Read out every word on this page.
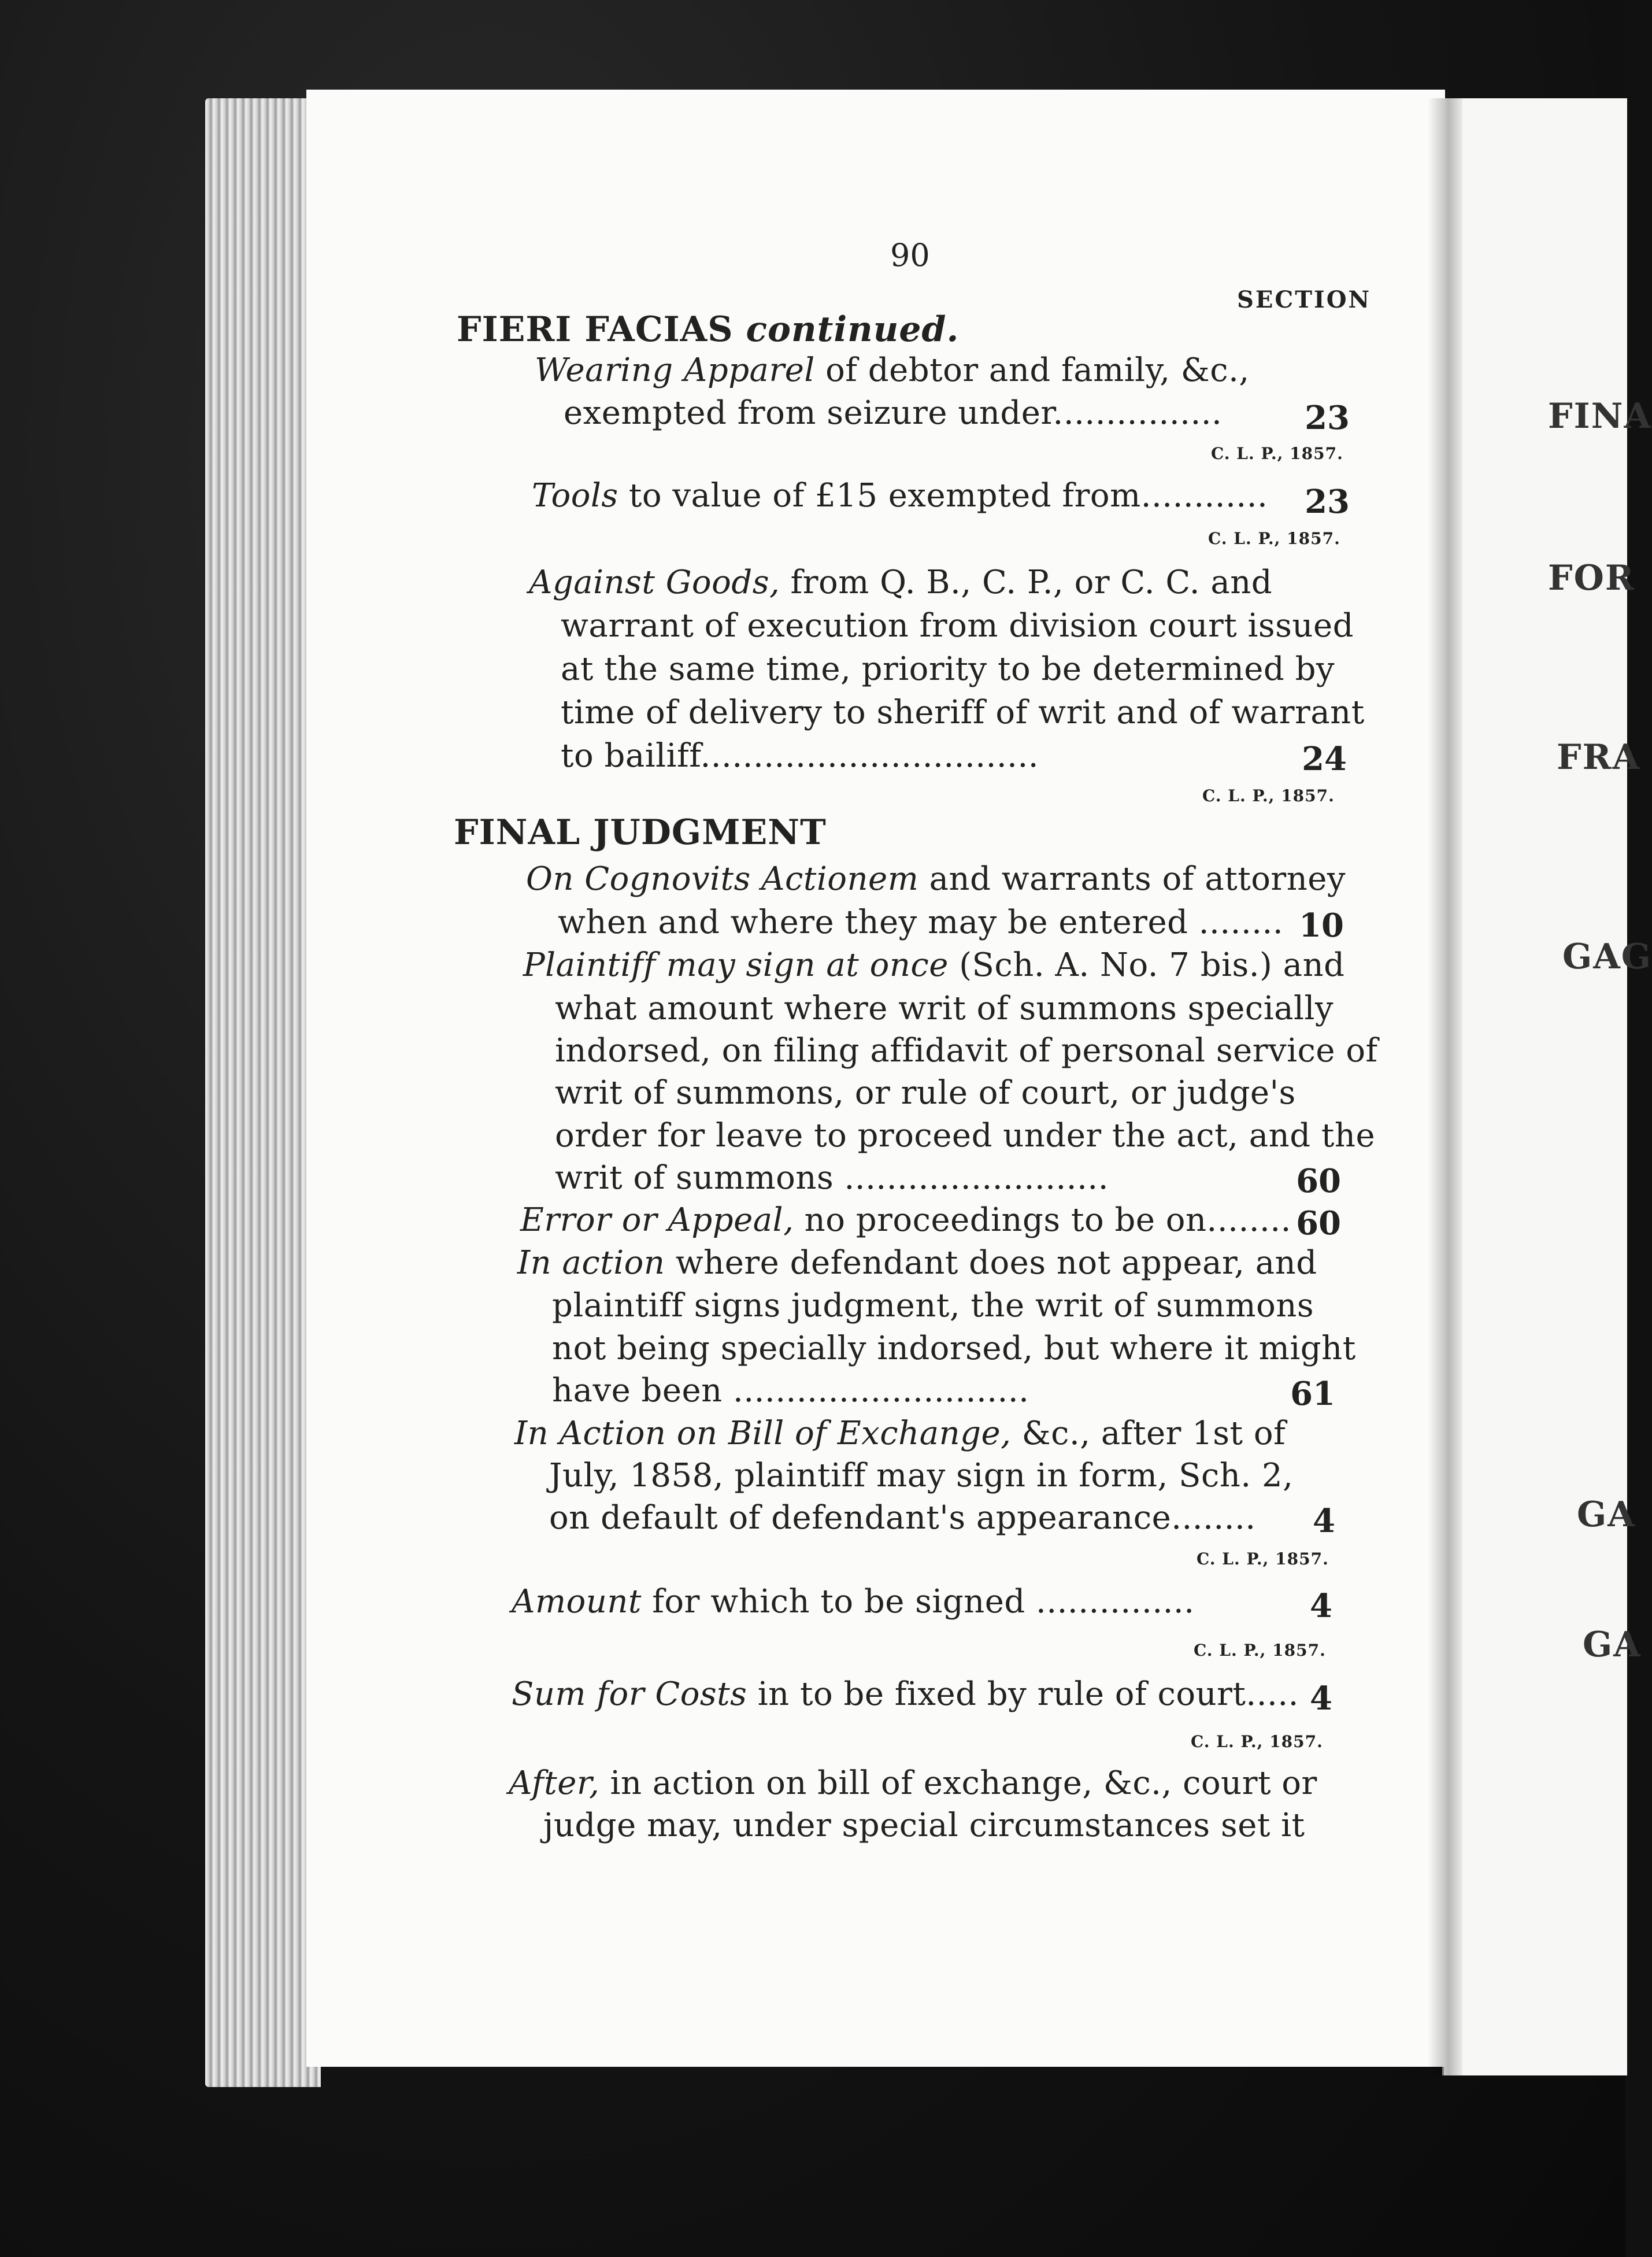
FINA
FOR
FRA
GAG
GA
GA
90
SECTION
FIERI FACIAS continued.
Wearing Apparel of debtor and family, &c.,
exempted from seizure under................	23
C. L. P., 1857.
Tools to value of £15 exempted from............ 23
C. L. P., 1857.
Against Goods, from Q. B., C. P., or C. C. and
warrant of execution from division court issued
at the same time, priority to be determined by
time of delivery to sheriff of writ and of warrant
to bailiff................................	24
C. L. P., 1857.
FINAL JUDGMENT
On Cognovits Actionem and warrants of attorney
when and where they may be entered ........ 10
Plaintiff may sign at once (Sch. A. No. 7 bis.) and
what amount where writ of summons specially
indorsed, on filing affidavit of personal service of
writ of summons, or rule of court, or judge's
order for leave to proceed under the act, and the
writ of summons .........................	60
Error or Appeal, no proceedings to be on........ 60
In action where defendant does not appear, and
plaintiff signs judgment, the writ of summons
not being specially indorsed, but where it might
have been ............................	61
In Action on Bill of Exchange, &c., after 1st of
July, 1858, plaintiff may sign in form, Sch. 2,
on default of defendant's appearance........	4
C. L. P., 1857.
Amount for which to be signed ...............	4
C. L. P., 1857.
Sum for Costs in to be fixed by rule of court..... 4
C. L. P., 1857.
After, in action on bill of exchange, &c., court or
judge may, under special circumstances set it
